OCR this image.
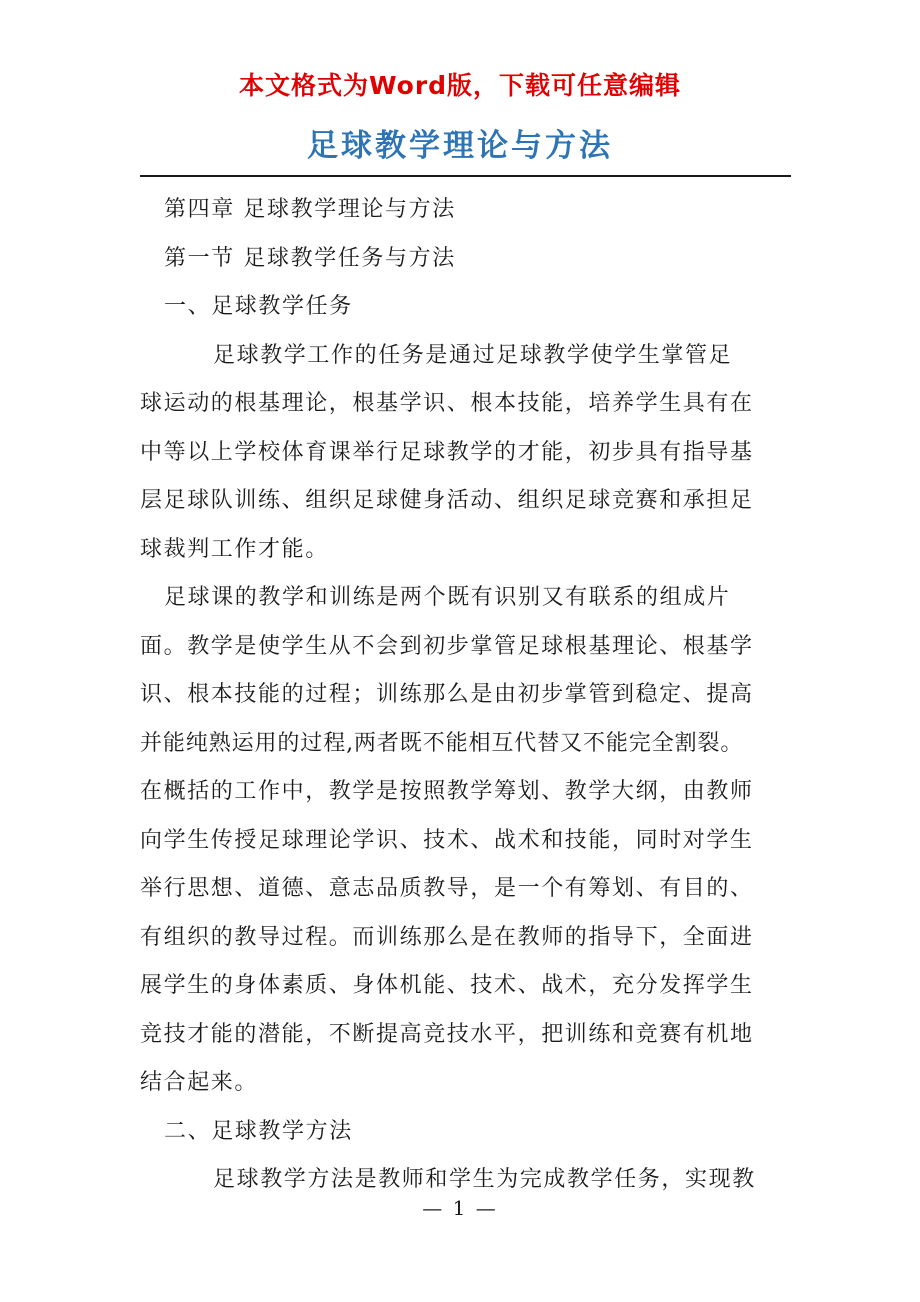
本文格式为Word版，下载可任意编辑
足球教学理论与方法
第四章 足球教学理论与方法
第一节 足球教学任务与方法
一、足球教学任务
足球教学工作的任务是通过足球教学使学生掌管足
球运动的根基理论，根基学识、根本技能，培养学生具有在
中等以上学校体育课举行足球教学的才能，初步具有指导基
层足球队训练、组织足球健身活动、组织足球竞赛和承担足
球裁判工作才能。
足球课的教学和训练是两个既有识别又有联系的组成片
面。教学是使学生从不会到初步掌管足球根基理论、根基学
识、根本技能的过程；训练那么是由初步掌管到稳定、提高
并能纯熟运用的过程,两者既不能相互代替又不能完全割裂。
在概括的工作中，教学是按照教学筹划、教学大纲，由教师
向学生传授足球理论学识、技术、战术和技能，同时对学生
举行思想、道德、意志品质教导，是一个有筹划、有目的、
有组织的教导过程。而训练那么是在教师的指导下，全面进
展学生的身体素质、身体机能、技术、战术，充分发挥学生
竞技才能的潜能，不断提高竞技水平，把训练和竞赛有机地
结合起来。
二、足球教学方法
足球教学方法是教师和学生为完成教学任务，实现教
— 1 —
